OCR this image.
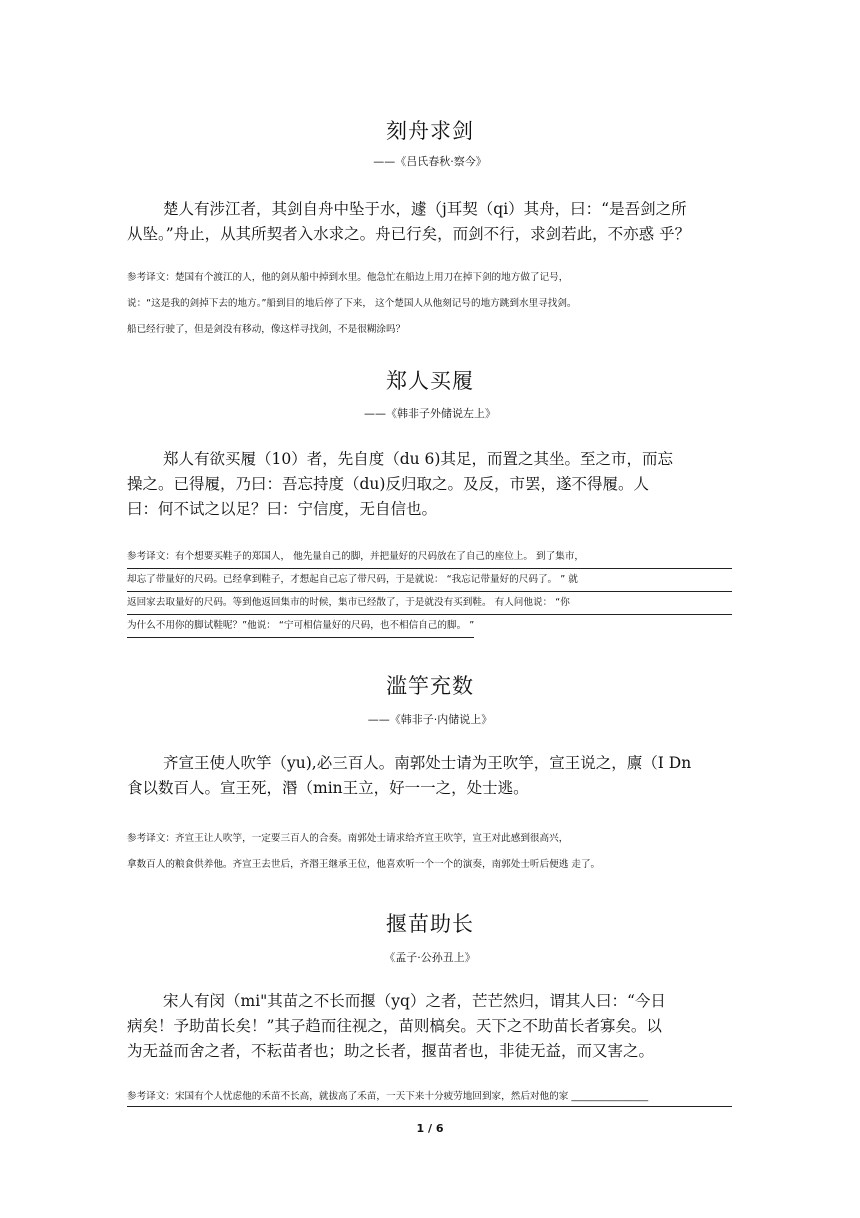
刻舟求剑
——《吕氏春秋·察今》

楚人有涉江者，其剑自舟中坠于水，遽（j耳契（qi）其舟，曰：“是吾剑之所

从坠。”舟止，从其所契者入水求之。舟已行矣，而剑不行，求剑若此，不亦惑 乎？

参考译文：楚国有个渡江的人，他的剑从船中掉到水里。他急忙在船边上用刀在掉下剑的地方做了记号，

说：“这是我的剑掉下去的地方。”船到目的地后停了下来， 这个楚国人从他刻记号的地方跳到水里寻找剑。

船已经行驶了，但是剑没有移动，像这样寻找剑，不是很糊涂吗？

郑人买履
——《韩非子外储说左上》

郑人有欲买履（10）者，先自度（du 6)其足，而置之其坐。至之市，而忘

操之。已得履，乃曰：吾忘持度（du)反归取之。及反，市罢，遂不得履。人

曰：何不试之以足？曰：宁信度，无自信也。

参考译文：有个想要买鞋子的郑国人， 他先量自己的脚，并把量好的尺码放在了自己的座位上。 到了集市，

却忘了带量好的尺码。已经拿到鞋子，才想起自己忘了带尺码，于是就说： “我忘记带量好的尺码了。 ” 就

返回家去取量好的尺码。等到他返回集市的时候，集市已经散了，于是就没有买到鞋。 有人问他说： “你

为什么不用你的脚试鞋呢？”他说： “宁可相信量好的尺码，也不相信自己的脚。 ”

滥竽充数
——《韩非子·内储说上》

齐宣王使人吹竽（yu),必三百人。南郭处士请为王吹竽，宣王说之，廪（I Dn

食以数百人。宣王死，湣（min王立，好一一之，处士逃。

参考译文：齐宣王让人吹竽，一定要三百人的合奏。南郭处士请求给齐宣王吹竽，宣王对此感到很高兴，

拿数百人的粮食供养他。齐宣王去世后，齐湣王继承王位，他喜欢听一个一个的演奏，南郭处士听后便逃 走了。

揠苗助长
《孟子·公孙丑上》

宋人有闵（mi"其苗之不长而揠（yq）之者，芒芒然归，谓其人曰：“今日

病矣！予助苗长矣！”其子趋而往视之，苗则槁矣。天下之不助苗长者寡矣。以

为无益而舍之者，不耘苗者也；助之长者，揠苗者也，非徒无益，而又害之。

参考译文：宋国有个人忧虑他的禾苗不长高，就拔高了禾苗，一天下来十分疲劳地回到家，然后对他的家 ________________

1 / 6
